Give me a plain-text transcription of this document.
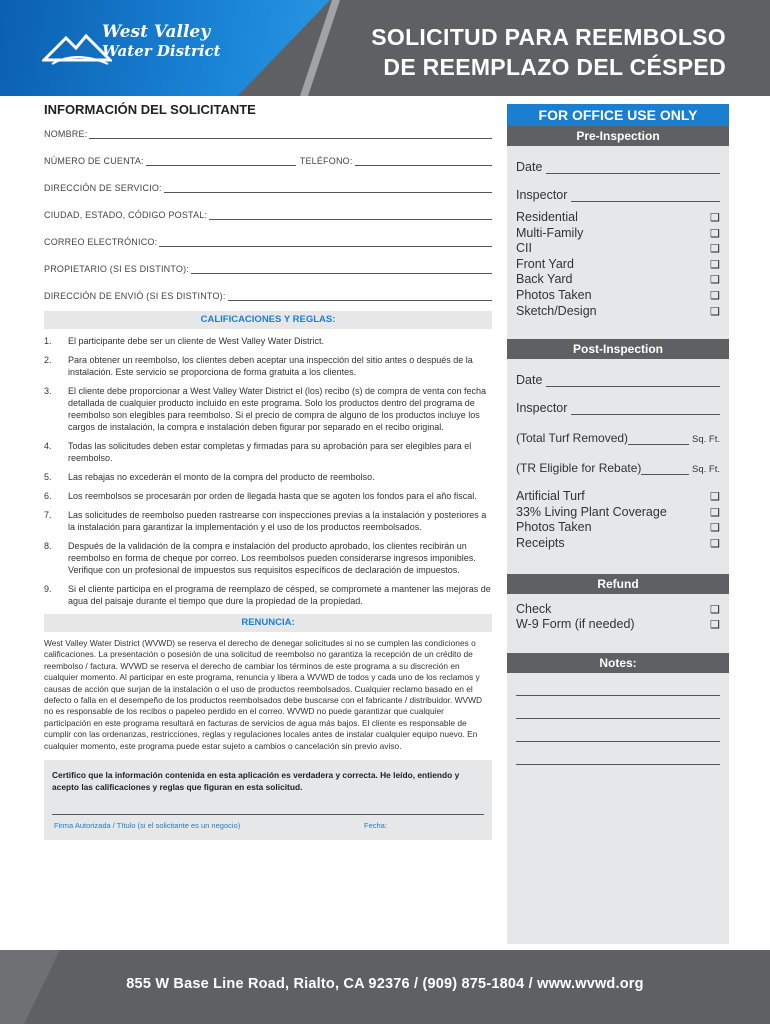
West Valley
Water District
SOLICITUD PARA REEMBOLSO
DE REEMPLAZO DEL CÉSPED
INFORMACIÓN DEL SOLICITANTE
NOMBRE:
NÚMERO DE CUENTA:	TELÉFONO:
DIRECCIÓN DE SERVICIO:
CIUDAD, ESTADO, CÓDIGO POSTAL:
CORREO ELECTRÓNICO:
PROPIETARIO (SI ES DISTINTO):
DIRECCIÓN DE ENVIÓ (SI ES DISTINTO):
CALIFICACIONES Y REGLAS:
1.	El participante debe ser un cliente de West Valley Water District.
2.	Para obtener un reembolso, los clientes deben aceptar una inspección del sitio antes o después de la instalación. Este servicio se proporciona de forma gratuita a los clientes.
3.	El cliente debe proporcionar a West Valley Water District el (los) recibo (s) de compra de venta con fecha detallada de cualquier producto incluido en este programa. Solo los productos dentro del programa de reembolso son elegibles para reembolso. Si el precio de compra de alguno de los productos incluye los cargos de instalación, la compra e instalación deben figurar por separado en el recibo original.
4.	Todas las solicitudes deben estar completas y firmadas para su aprobación para ser elegibles para el reembolso.
5.	Las rebajas no excederán el monto de la compra del producto de reembolso.
6.	Los reembolsos se procesarán por orden de llegada hasta que se agoten los fondos para el año fiscal.
7.	Las solicitudes de reembolso pueden rastrearse con inspecciones previas a la instalación y posteriores a la instalación para garantizar la implementación y el uso de los productos reembolsados.
8.	Después de la validación de la compra e instalación del producto aprobado, los clientes recibirán un reembolso en forma de cheque por correo. Los reembolsos pueden considerarse ingresos imponibles. Verifique con un profesional de impuestos sus requisitos específicos de declaración de impuestos.
9.	Si el cliente participa en el programa de reemplazo de césped, se compromete a mantener las mejoras de agua del paisaje durante el tiempo que dure la propiedad de la propiedad.
RENUNCIA:
West Valley Water District (WVWD) se reserva el derecho de denegar solicitudes si no se cumplen las condiciones o calificaciones. La presentación o posesión de una solicitud de reembolso no garantiza la recepción de un crédito de reembolso / factura. WVWD se reserva el derecho de cambiar los términos de este programa a su discreción en cualquier momento. Al participar en este programa, renuncia y libera a WVWD de todos y cada uno de los reclamos y causas de acción que surjan de la instalación o el uso de productos reembolsados. Cualquier reclamo basado en el defecto o falla en el desempeño de los productos reembolsados debe buscarse con el fabricante / distribuidor. WVWD no es responsable de los recibos o papeleo perdido en el correo. WVWD no puede garantizar que cualquier participación en este programa resultará en facturas de servicios de agua más bajos. El cliente es responsable de cumplir con las ordenanzas, restricciones, reglas y regulaciones locales antes de instalar cualquier equipo nuevo. En cualquier momento, este programa puede estar sujeto a cambios o cancelación sin previo aviso.
Certifico que la información contenida en esta aplicación es verdadera y correcta. He leído, entiendo y acepto las calificaciones y reglas que figuran en esta solicitud.
Firma Autorizada / Título (si el solicitante es un negocio)	Fecha:
FOR OFFICE USE ONLY
Pre-Inspection
Date
Inspector
Residential	❑
Multi-Family	❑
CII	❑
Front Yard	❑
Back Yard	❑
Photos Taken	❑
Sketch/Design	❑
Post-Inspection
Date
Inspector
(Total Turf Removed)	Sq. Ft.
(TR Eligible for Rebate)	Sq. Ft.
Artificial Turf	❑
33% Living Plant Coverage	❑
Photos Taken	❑
Receipts	❑
Refund
Check	❑
W-9 Form (if needed)	❑
Notes:
855 W Base Line Road, Rialto, CA 92376 / (909) 875-1804 / www.wvwd.org
